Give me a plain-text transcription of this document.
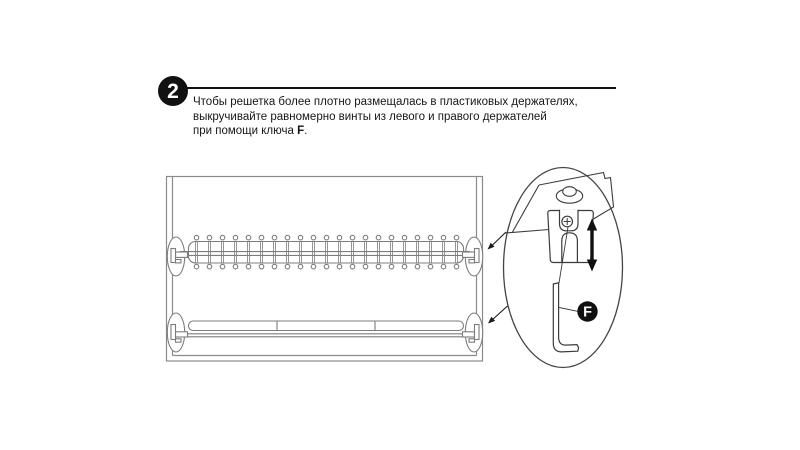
2 Чтобы решетка более плотно размещалась в пластиковых держателях,
выкручивайте равномерно винты из левого и правого держателей
при помощи ключа F.
F
